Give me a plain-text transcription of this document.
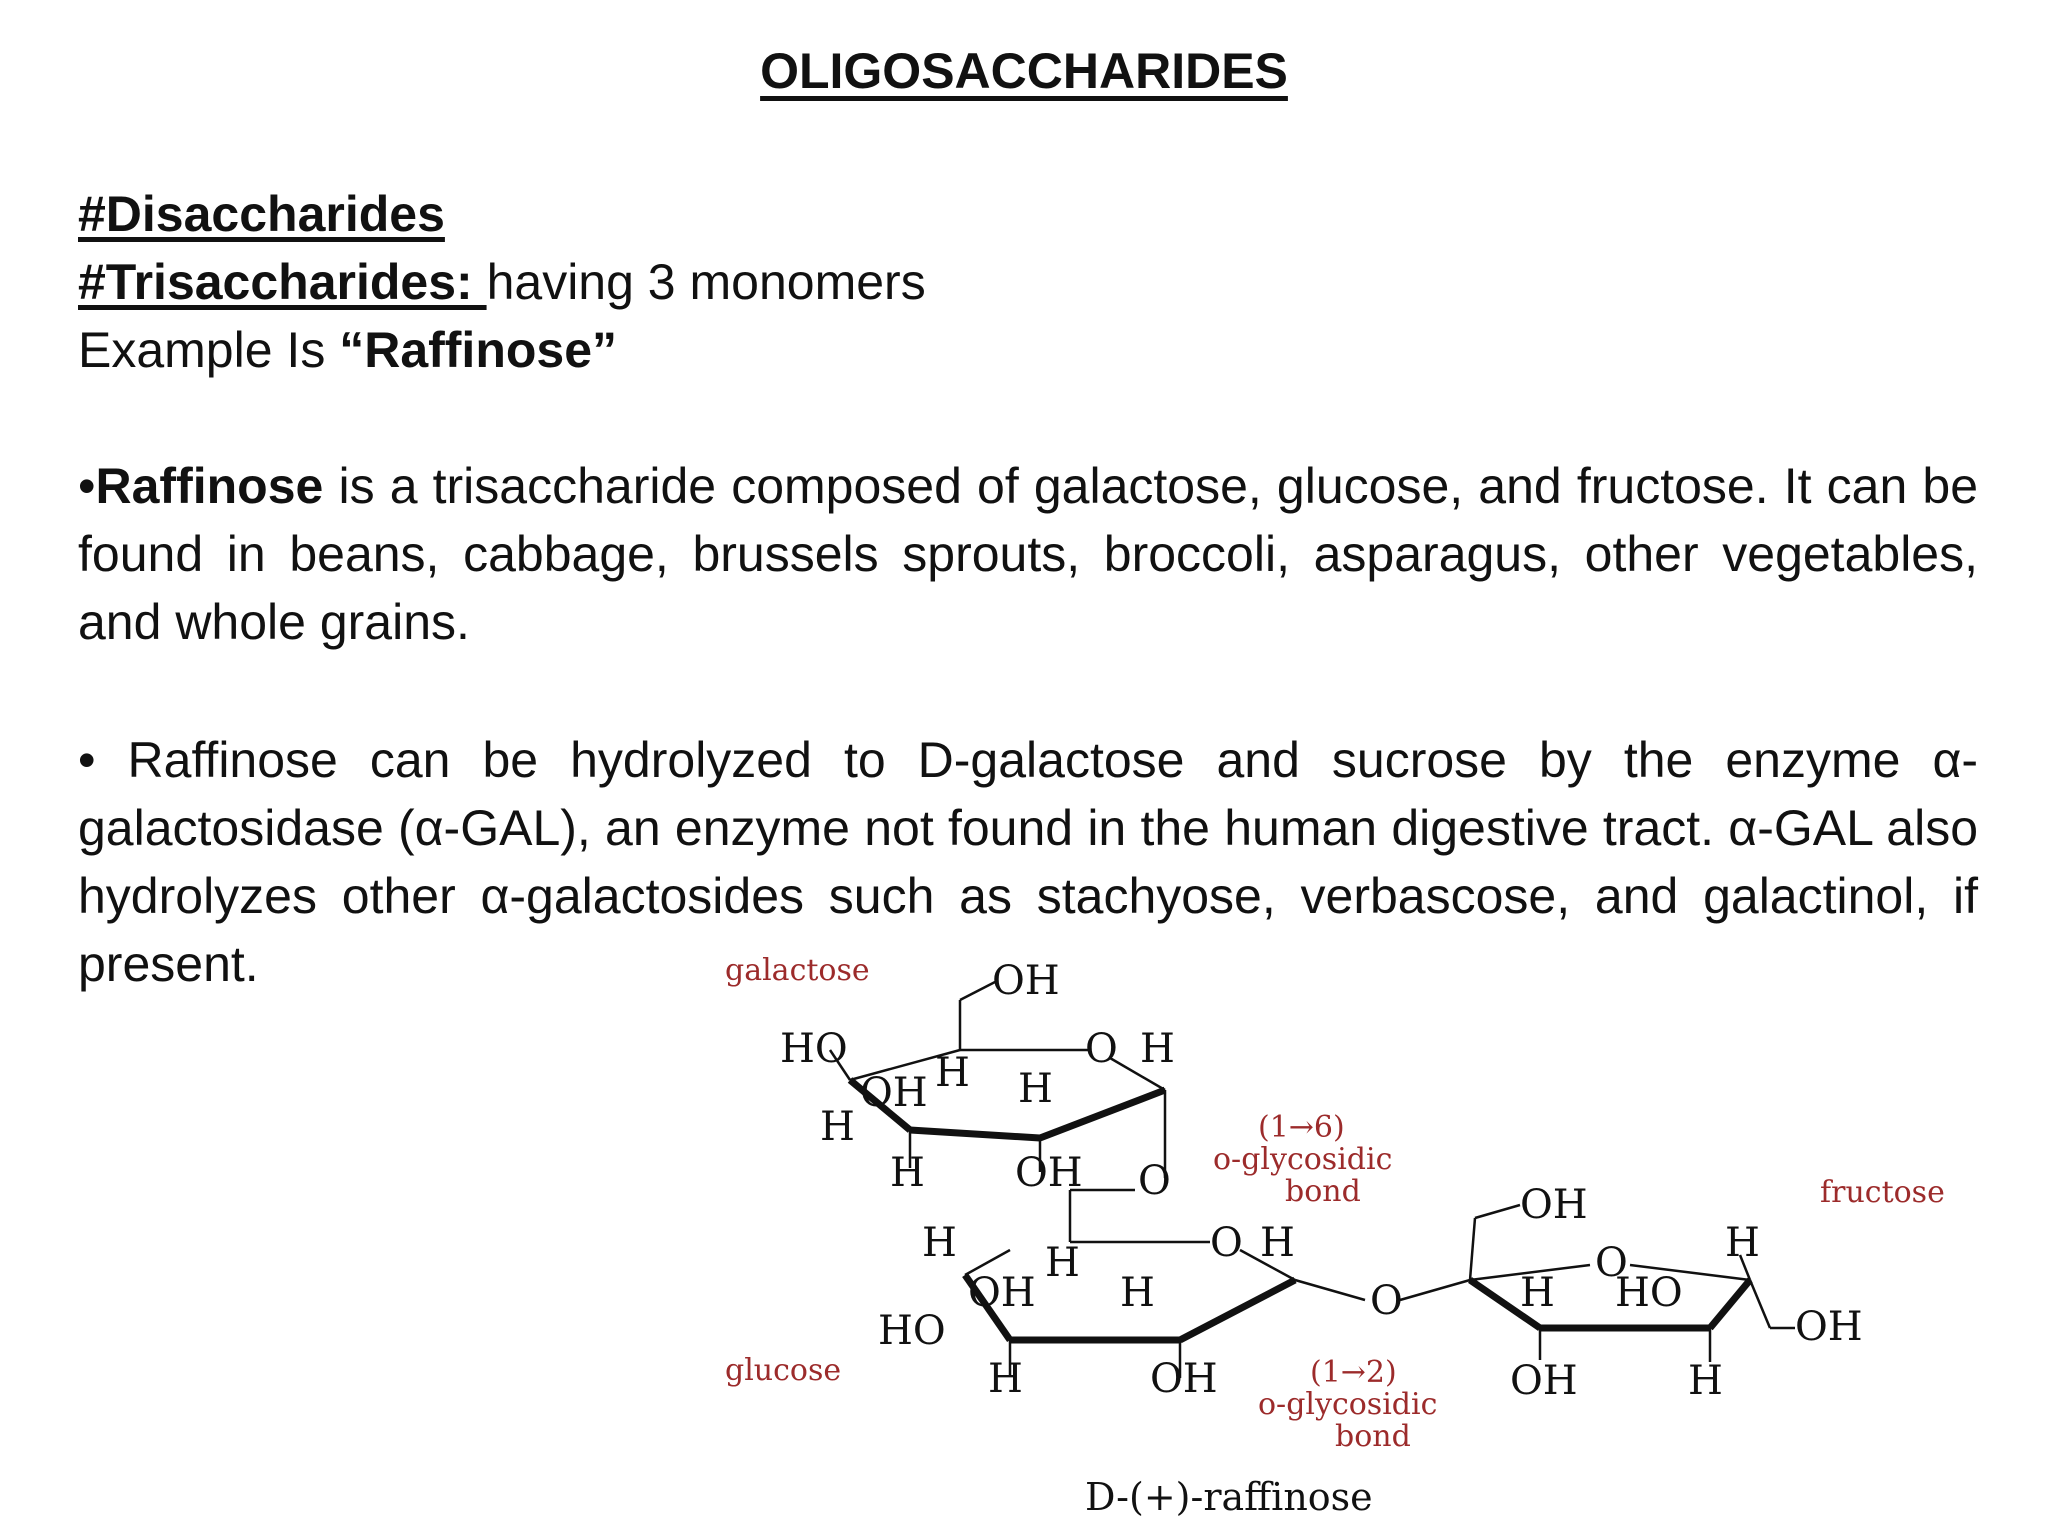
OLIGOSACCHARIDES
#Disaccharides
#Trisaccharides: having 3 monomers
Example Is “Raffinose”
•Raffinose is a trisaccharide composed of galactose, glucose, and fructose. It can be found in beans, cabbage, brussels sprouts, broccoli, asparagus, other vegetables, and whole grains.
• Raffinose can be hydrolyzed to D-galactose and sucrose by the enzyme α-galactosidase (α-GAL), an enzyme not found in the human digestive tract. α-GAL also hydrolyzes other α-galactosides such as stachyose, verbascose, and galactinol, if present.	OH
HO	O H
OH H H
H
H OH O
H H
OH H
O H
HO
H	OH
O
OH
O H
H HO
OH	H
OH
galactose
glucose
fructose
(1→6)
o-glycosidic
bond
(1→2)
o-glycosidic
bond
D-(+)-raffinose
